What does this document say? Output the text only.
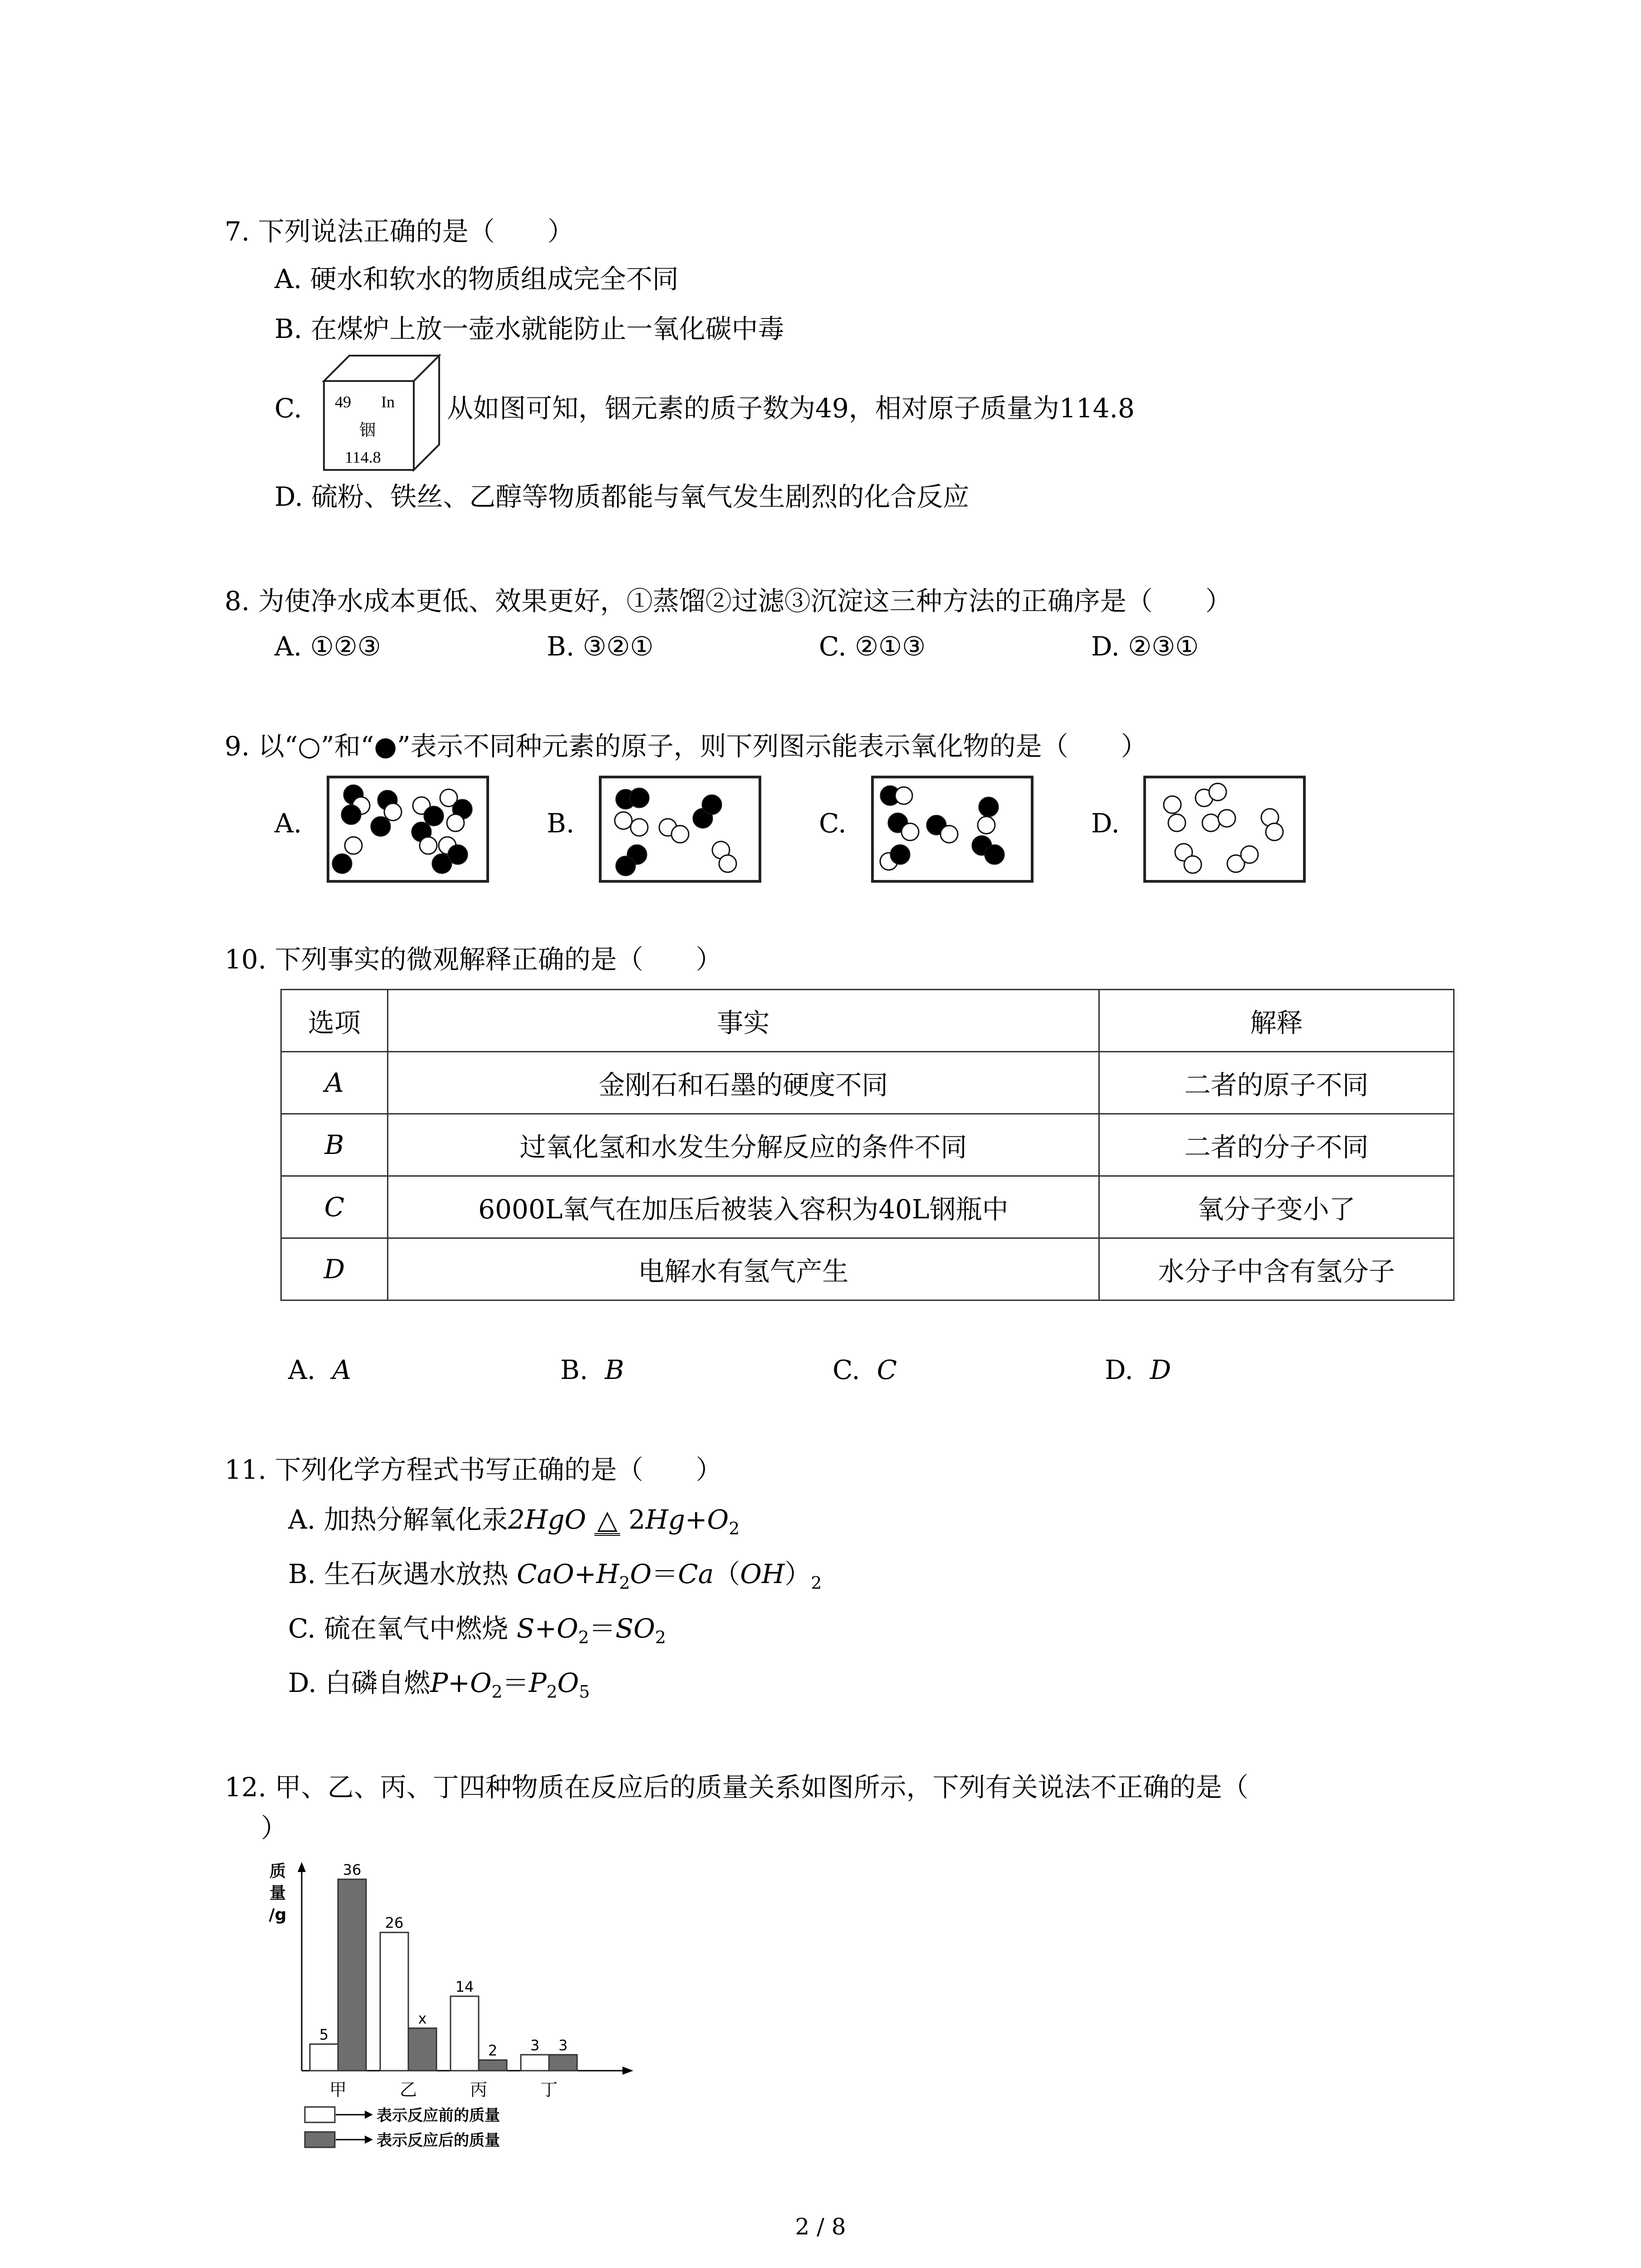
7. 下列说法正确的是（　　）
A. 硬水和软水的物质组成完全不同
B. 在煤炉上放一壶水就能防止一氧化碳中毒
C. 49 In
铟
114.8
从如图可知，铟元素的质子数为49，相对原子质量为114.8
D. 硫粉、铁丝、乙醇等物质都能与氧气发生剧烈的化合反应
8. 为使净水成本更低、效果更好，①蒸馏②过滤③沉淀这三种方法的正确序是（　　）
A. ①②③	B. ③②①	C. ②①③	D. ②③①
9. 以“○”和“●”表示不同种元素的原子，则下列图示能表示氧化物的是（　　）
A.	B.	C.	D.
10. 下列事实的微观解释正确的是（　　）
选项	事实	解释
A	金刚石和石墨的硬度不同	二者的原子不同
B	过氧化氢和水发生分解反应的条件不同	二者的分子不同
C	6000L氧气在加压后被装入容积为40L钢瓶中	氧分子变小了
D	电解水有氢气产生	水分子中含有氢分子
A. A	B. B	C. C	D. D
11. 下列化学方程式书写正确的是（　　）
A. 加热分解氧化汞2HgO △ $2Hg+O_2$
B. 生石灰遇水放热 $CaO+H_2O=Ca(OH)_2$
C. 硫在氧气中燃烧 $S+O_2=SO_2$
D. 白磷自燃$P+O_2=P_2O_5$
12. 甲、乙、丙、丁四种物质在反应后的质量关系如图所示，下列有关说法不正确的是（
）
质
量
/g
5
36
甲
26
x
乙
14
2
丙
3 3
丁
表示反应前的质量
表示反应后的质量
2 / 8
